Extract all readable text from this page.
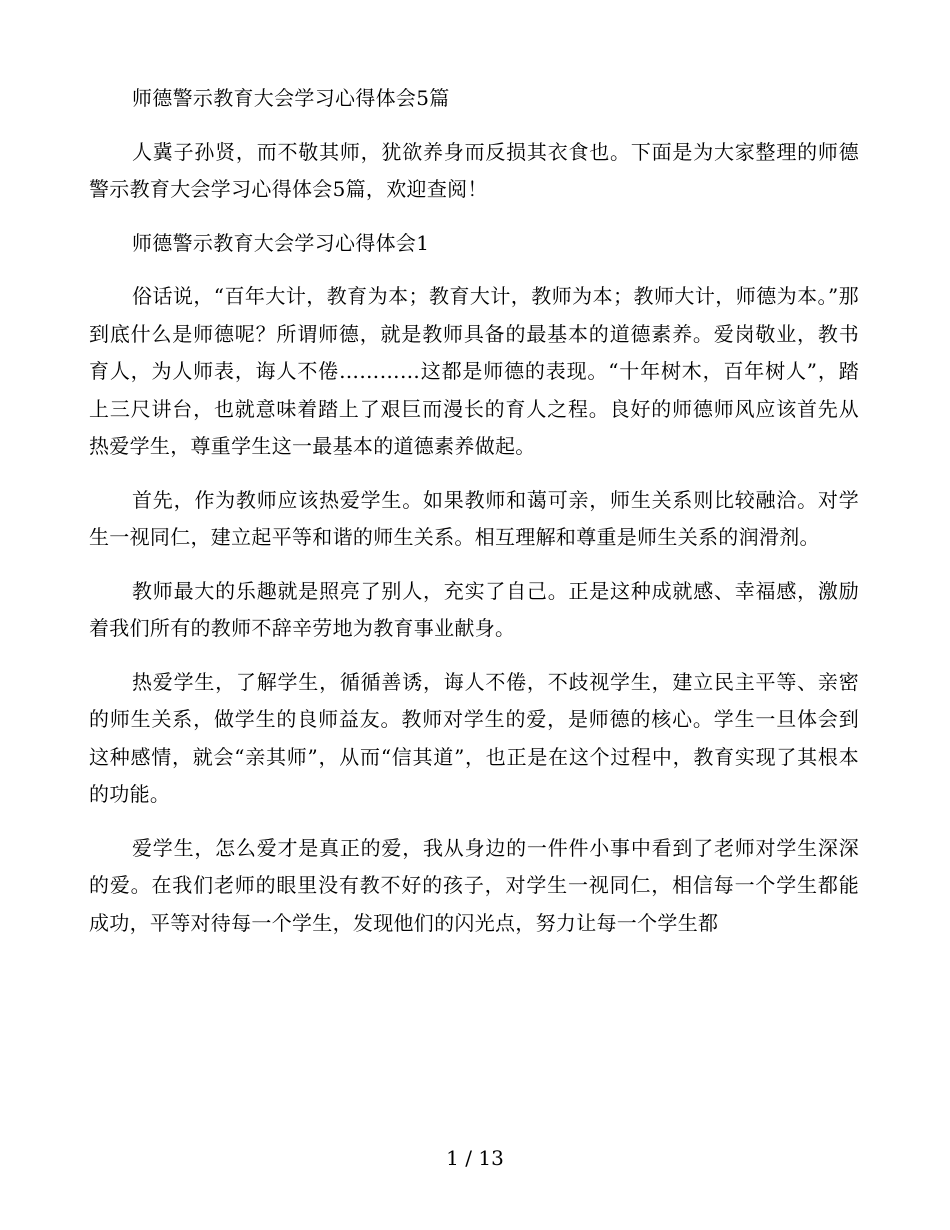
师德警示教育大会学习心得体会5篇

人冀子孙贤，而不敬其师，犹欲养身而反损其衣食也。下面是为大家整理的师德警示教育大会学习心得体会5篇，欢迎查阅！

师德警示教育大会学习心得体会1

俗话说，“百年大计，教育为本；教育大计，教师为本；教师大计，师德为本。”那到底什么是师德呢？所谓师德，就是教师具备的最基本的道德素养。爱岗敬业，教书育人，为人师表，诲人不倦…………这都是师德的表现。“十年树木，百年树人”，踏上三尺讲台，也就意味着踏上了艰巨而漫长的育人之程。良好的师德师风应该首先从热爱学生，尊重学生这一最基本的道德素养做起。

首先，作为教师应该热爱学生。如果教师和蔼可亲，师生关系则比较融洽。对学生一视同仁，建立起平等和谐的师生关系。相互理解和尊重是师生关系的润滑剂。

教师最大的乐趣就是照亮了别人，充实了自己。正是这种成就感、幸福感，激励着我们所有的教师不辞辛劳地为教育事业献身。

热爱学生，了解学生，循循善诱，诲人不倦，不歧视学生，建立民主平等、亲密的师生关系，做学生的良师益友。教师对学生的爱，是师德的核心。学生一旦体会到这种感情，就会“亲其师”，从而“信其道”，也正是在这个过程中，教育实现了其根本的功能。

爱学生，怎么爱才是真正的爱，我从身边的一件件小事中看到了老师对学生深深的爱。在我们老师的眼里没有教不好的孩子，对学生一视同仁，相信每一个学生都能成功，平等对待每一个学生，发现他们的闪光点，努力让每一个学生都

1 / 13
